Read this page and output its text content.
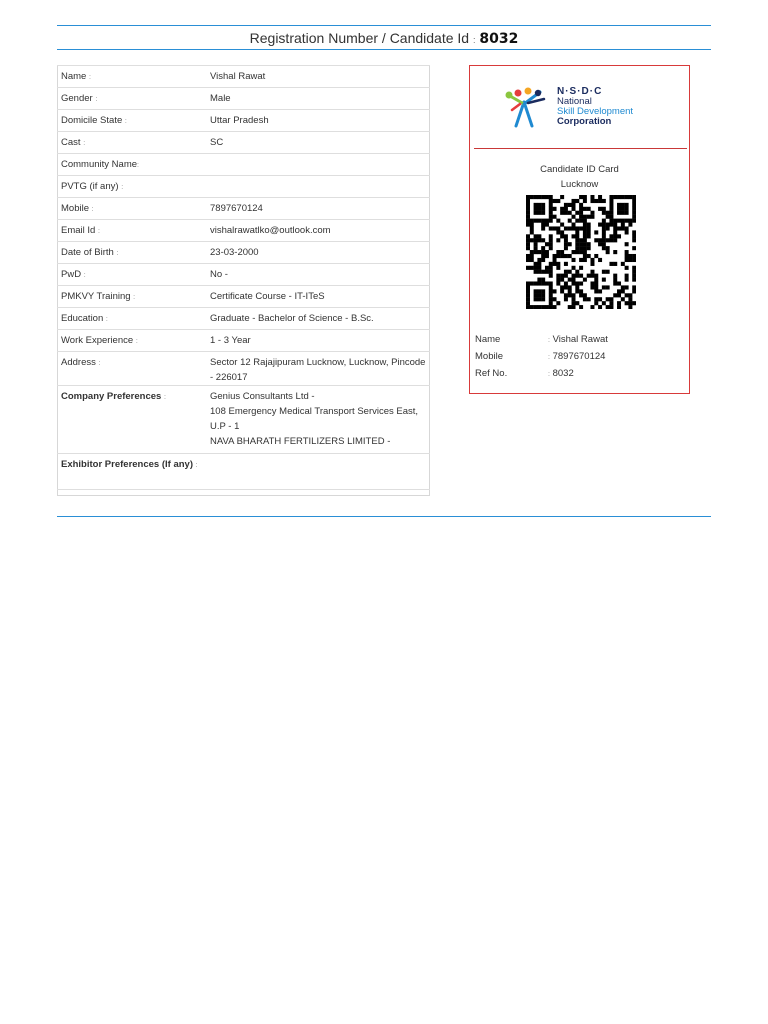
Registration Number / Candidate Id : 8032
Name :	Vishal Rawat
Gender :	Male
Domicile State :	Uttar Pradesh
Cast :	SC
Community Name:	
PVTG (if any) :	
Mobile :	7897670124
Email Id :	vishalrawatlko@outlook.com
Date of Birth :	23-03-2000
PwD :	No -
PMKVY Training :	Certificate Course - IT-ITeS
Education :	Graduate - Bachelor of Science - B.Sc.
Work Experience :	1 - 3 Year
Address :	Sector 12 Rajajipuram Lucknow, Lucknow, Pincode - 226017
Company Preferences :	Genius Consultants Ltd -
108 Emergency Medical Transport Services East, U.P - 1
NAVA BHARATH FERTILIZERS LIMITED -

Exhibitor Preferences (If any) :	

N·S·D·C
National
Skill Development
Corporation
Candidate ID Card
Lucknow
Name	: Vishal Rawat
Mobile	: 7897670124
Ref No.	: 8032
